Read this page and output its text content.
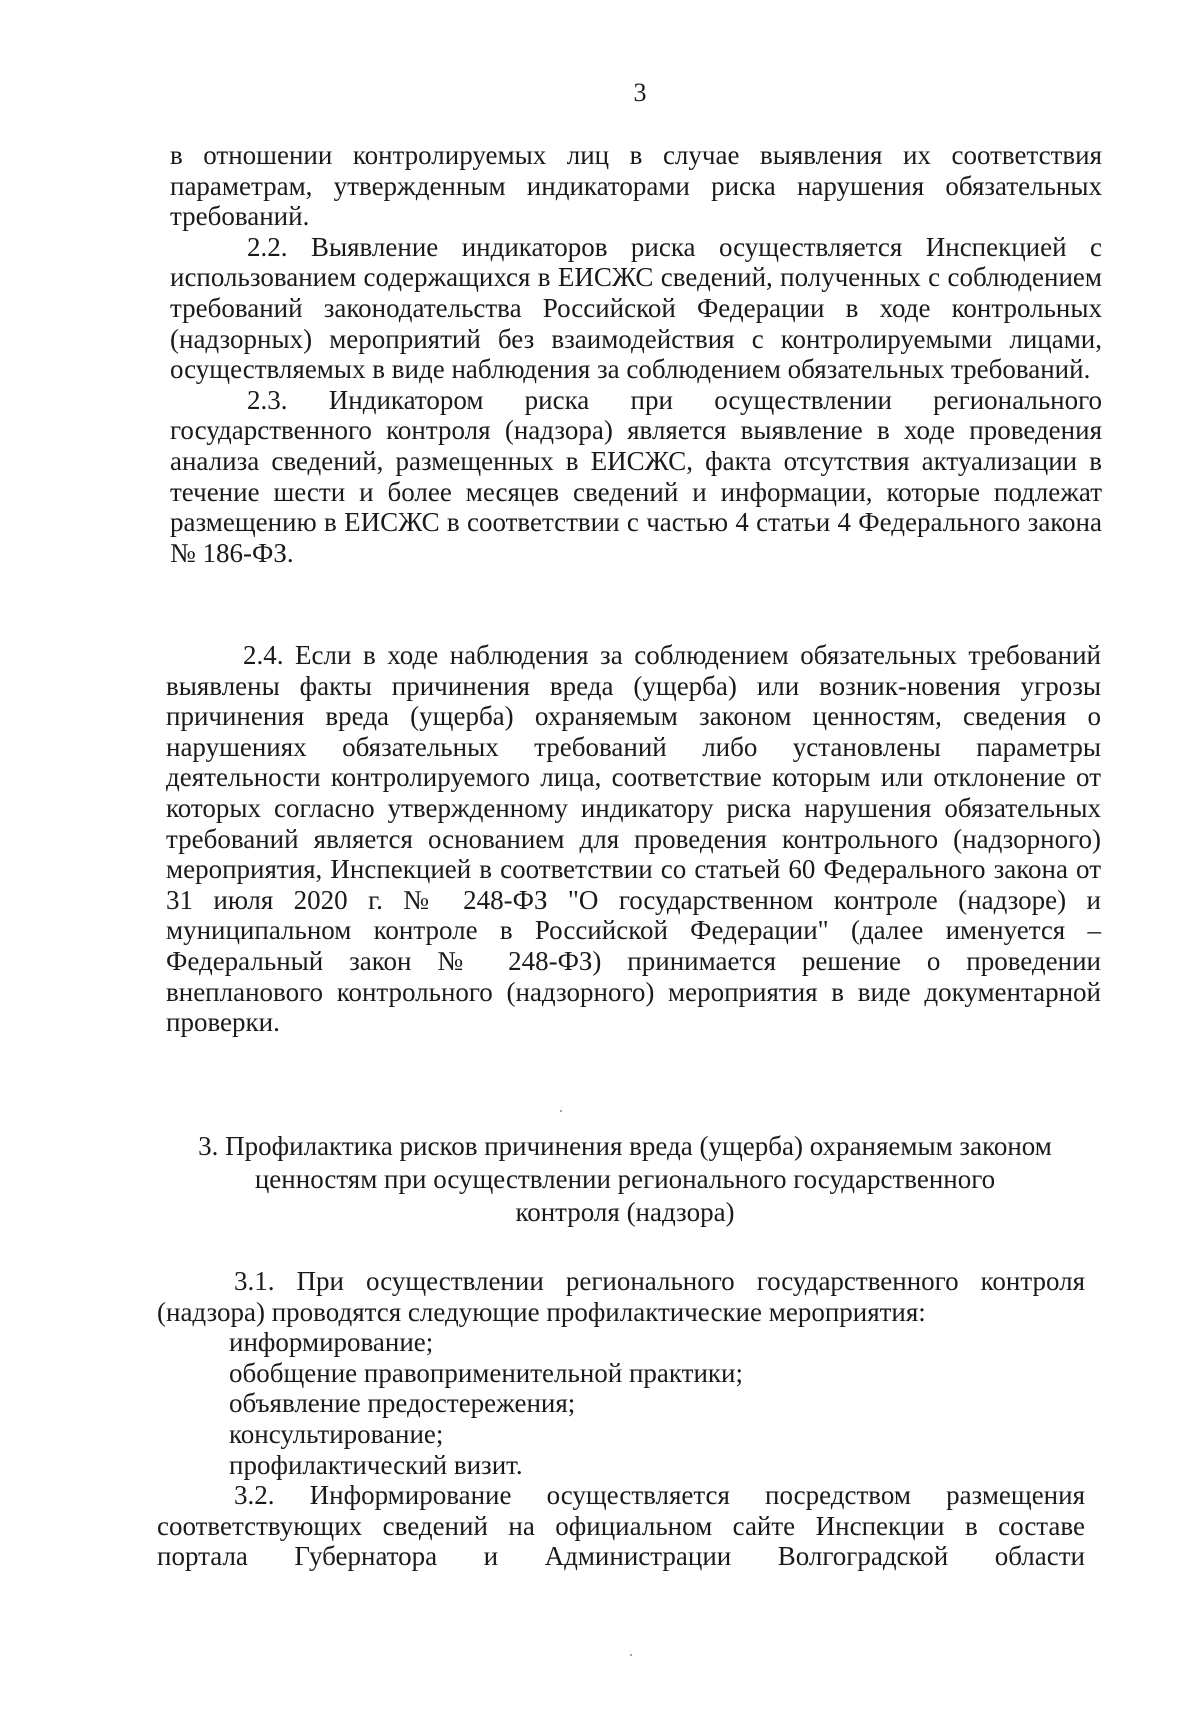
3

в отношении контролируемых лиц в случае выявления их соответствия параметрам, утвержденным индикаторами риска нарушения обязательных требований.

2.2. Выявление индикаторов риска осуществляется Инспекцией с использованием содержащихся в ЕИСЖС сведений, полученных с соблюдением требований законодательства Российской Федерации в ходе контрольных (надзорных) мероприятий без взаимодействия с контролируемыми лицами, осуществляемых в виде наблюдения за соблюдением обязательных требований.

2.3. Индикатором риска при осуществлении регионального государственного контроля (надзора) является выявление в ходе проведения анализа сведений, размещенных в ЕИСЖС, факта отсутствия актуализации в течение шести и более месяцев сведений и информации, которые подлежат размещению в ЕИСЖС в соответствии с частью 4 статьи 4 Федерального закона № 186-ФЗ.

2.4. Если в ходе наблюдения за соблюдением обязательных требований выявлены факты причинения вреда (ущерба) или возник-новения угрозы причинения вреда (ущерба) охраняемым законом ценностям, сведения о нарушениях обязательных требований либо установлены параметры деятельности контролируемого лица, соответствие которым или отклонение от которых согласно утвержденному индикатору риска нарушения обязательных требований является основанием для проведения контрольного (надзорного) мероприятия, Инспекцией в соответствии со статьей 60 Федерального закона от 31 июля 2020 г. № 248-ФЗ "О государственном контроле (надзоре) и муниципальном контроле в Российской Федерации" (далее именуется – Федеральный закон № 248-ФЗ) принимается решение о проведении внепланового контрольного (надзорного) мероприятия в виде документарной проверки.

3. Профилактика рисков причинения вреда (ущерба) охраняемым законом

ценностям при осуществлении регионального государственного

контроля (надзора)

3.1. При осуществлении регионального государственного контроля (надзора) проводятся следующие профилактические мероприятия:

информирование;

обобщение правоприменительной практики;

объявление предостережения;

консультирование;

профилактический визит.

3.2. Информирование осуществляется посредством размещения соответствующих сведений на официальном сайте Инспекции в составе портала Губернатора и Администрации Волгоградской области
